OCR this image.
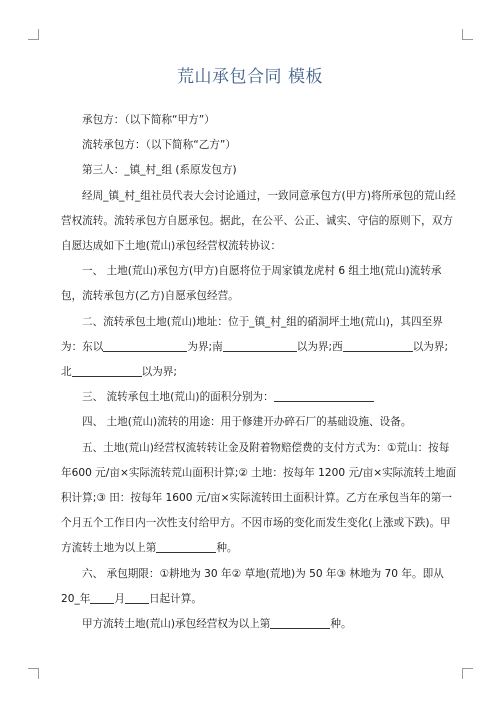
荒山承包合同 模板

承包方：（以下简称“甲方”）

流转承包方：（以下简称“乙方”）

第三人：_镇_村_组 (系原发包方)

经周_镇_村_组社员代表大会讨论通过，一致同意承包方(甲方)将所承包的荒山经营权流转。流转承包方自愿承包。据此，在公平、公正、诚实、守信的原则下，双方自愿达成如下土地(荒山)承包经营权流转协议：

一、 土地(荒山)承包方(甲方)自愿将位于周家镇龙虎村 6 组土地(荒山)流转承包，流转承包方(乙方)自愿承包经营。

二、流转承包土地(荒山)地址：位于_镇_村_组的硝洞坪土地(荒山)，其四至界为：东以	为界;南	以为界;西	以为界;北	以为界;

三、 流转承包土地(荒山)的面积分别为：

四、 土地(荒山)流转的用途：用于修建开办碎石厂的基础设施、设备。

五、土地(荒山)经营权流转转让金及附着物赔偿费的支付方式为：①荒山：按每年600 元/亩×实际流转荒山面积计算;② 土地：按每年 1200 元/亩×实际流转土地面积计算;③ 田：按每年 1600 元/亩×实际流转田土面积计算。乙方在承包当年的第一个月五个工作日内一次性支付给甲方。不因市场的变化而发生变化(上涨或下跌)。甲方流转土地为以上第	种。

六、 承包期限：①耕地为 30 年② 草地(荒地)为 50 年③ 林地为 70 年。即从 20_年 月 日起计算。

甲方流转土地(荒山)承包经营权为以上第	种。
